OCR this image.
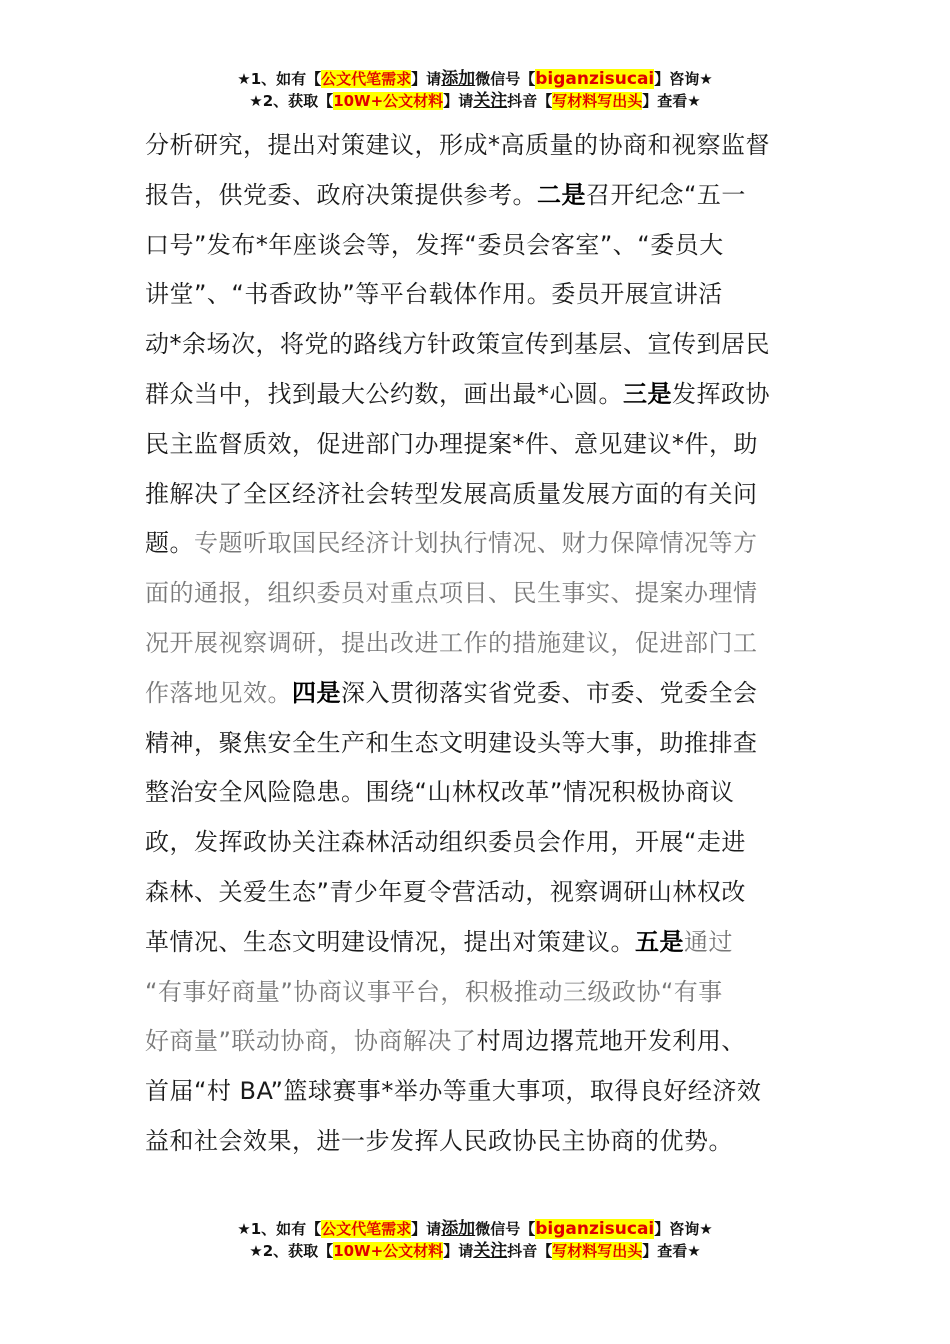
★1、如有【公文代笔需求】请添加微信号【biganzisucai】咨询★
★2、获取【10W+公文材料】请关注抖音【写材料写出头】查看★
分析研究，提出对策建议，形成*高质量的协商和视察监督
报告，供党委、政府决策提供参考。二是召开纪念“五一
口号”发布*年座谈会等，发挥“委员会客室”、“委员大
讲堂”、“书香政协”等平台载体作用。委员开展宣讲活
动*余场次，将党的路线方针政策宣传到基层、宣传到居民
群众当中，找到最大公约数，画出最*心圆。三是发挥政协
民主监督质效，促进部门办理提案*件、意见建议*件，助
推解决了全区经济社会转型发展高质量发展方面的有关问
题。专题听取国民经济计划执行情况、财力保障情况等方
面的通报，组织委员对重点项目、民生事实、提案办理情
况开展视察调研，提出改进工作的措施建议，促进部门工
作落地见效。四是深入贯彻落实省党委、市委、党委全会
精神，聚焦安全生产和生态文明建设头等大事，助推排查
整治安全风险隐患。围绕“山林权改革”情况积极协商议
政，发挥政协关注森林活动组织委员会作用，开展“走进
森林、关爱生态”青少年夏令营活动，视察调研山林权改
革情况、生态文明建设情况，提出对策建议。五是通过
“有事好商量”协商议事平台，积极推动三级政协“有事
好商量”联动协商，协商解决了村周边撂荒地开发利用、
首届“村 BA”篮球赛事*举办等重大事项，取得良好经济效
益和社会效果，进一步发挥人民政协民主协商的优势。
★1、如有【公文代笔需求】请添加微信号【biganzisucai】咨询★
★2、获取【10W+公文材料】请关注抖音【写材料写出头】查看★
